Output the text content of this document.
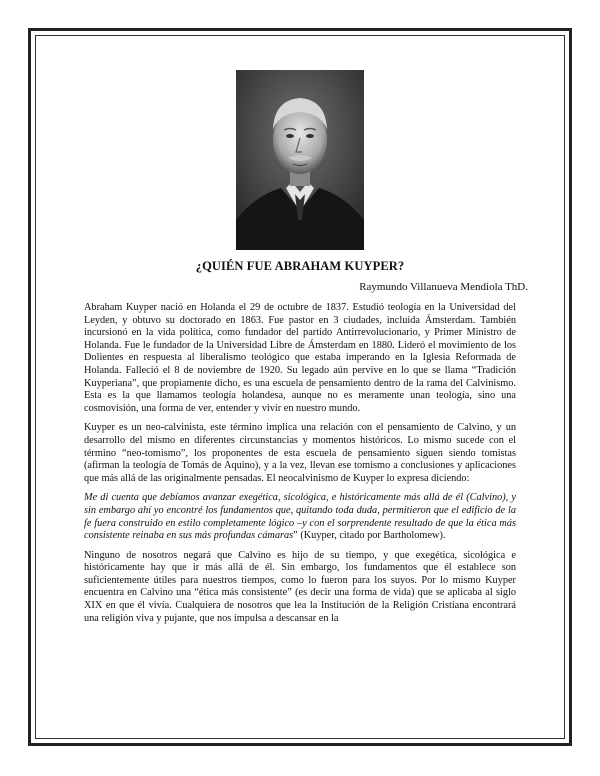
¿QUIÉN FUE ABRAHAM KUYPER?
Raymundo Villanueva Mendiola ThD.

Abraham Kuyper nació en Holanda el 29 de octubre de 1837. Estudió teología en la Universidad del Leyden, y obtuvo su doctorado en 1863. Fue pastor en 3 ciudades, incluida Ámsterdam. También incursionó en la vida política, como fundador del partido Antirrevolucionario, y Primer Ministro de Holanda. Fue le fundador de la Universidad Libre de Ámsterdam en 1880. Lideró el movimiento de los Dolientes en respuesta al liberalismo teológico que estaba imperando en la Iglesia Reformada de Holanda. Falleció el 8 de noviembre de 1920. Su legado aún pervive en lo que se llama “Tradición Kuyperiana”, que propiamente dicho, es una escuela de pensamiento dentro de la rama del Calvinismo. Esta es la que llamamos teología holandesa, aunque no es meramente unan teología, sino una cosmovisión, una forma de ver, entender y vivir en nuestro mundo.

Kuyper es un neo-calvinista, este término implica una relación con el pensamiento de Calvino, y un desarrollo del mismo en diferentes circunstancias y momentos históricos. Lo mismo sucede con el término “neo-tomismo”, los proponentes de esta escuela de pensamiento siguen siendo tomistas (afirman la teología de Tomás de Aquino), y a la vez, llevan ese tomismo a conclusiones y aplicaciones que más allá de las originalmente pensadas. El neocalvinismo de Kuyper lo expresa diciendo:

Me di cuenta que debíamos avanzar exegética, sicológica, e históricamente más allá de él (Calvino), y sin embargo ahí yo encontré los fundamentos que, quitando toda duda, permitieron que el edificio de la fe fuera construido en estilo completamente lógico –y con el sorprendente resultado de que la ética más consistente reinaba en sus más profundas cámaras” (Kuyper, citado por Bartholomew).

Ninguno de nosotros negará que Calvino es hijo de su tiempo, y que exegética, sicológica e históricamente hay que ir más allá de él. Sin embargo, los fundamentos que él establece son suficientemente útiles para nuestros tiempos, como lo fueron para los suyos. Por lo mismo Kuyper encuentra en Calvino una “ética más consistente” (es decir una forma de vida) que se aplicaba al siglo XIX en que él vivía. Cualquiera de nosotros que lea la Institución de la Religión Cristiana encontrará una religión viva y pujante, que nos impulsa a descansar en la
